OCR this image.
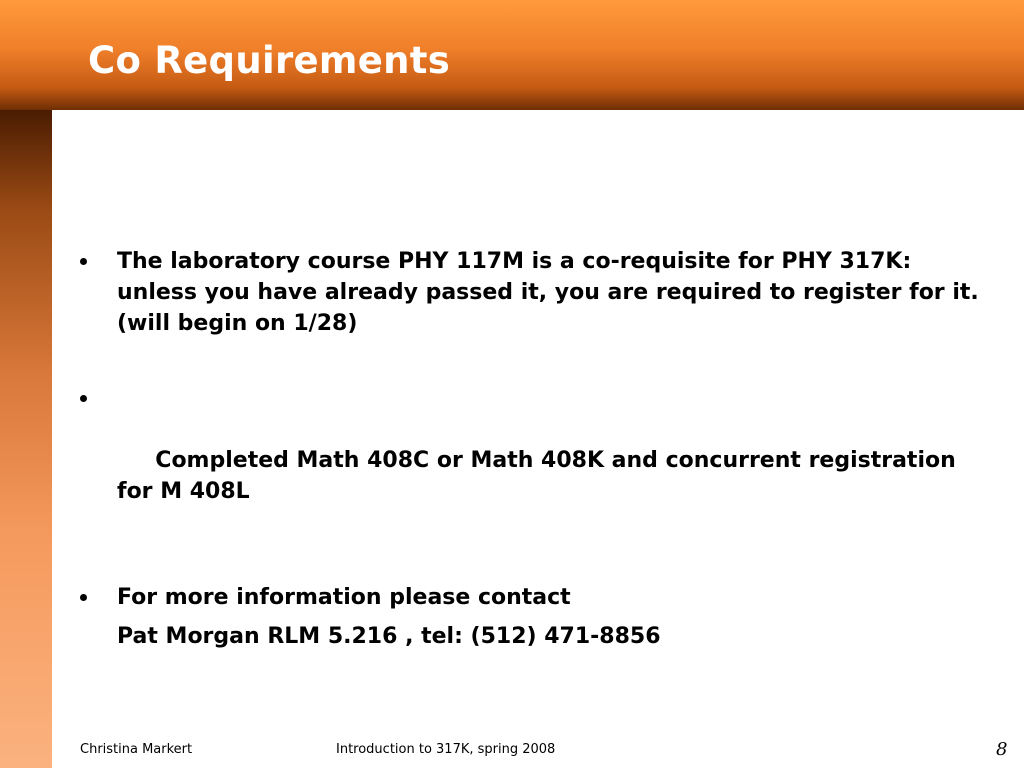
Co Requirements
The laboratory course PHY 117M is a co-requisite for PHY 317K: unless you have already passed it, you are required to register for it. (will begin on 1/28)

Completed Math 408C or Math 408K and concurrent registration for M 408L

For more information please contact
Pat Morgan RLM 5.216 , tel: (512) 471-8856
Christina Markert	Introduction to 317K, spring 2008	8
